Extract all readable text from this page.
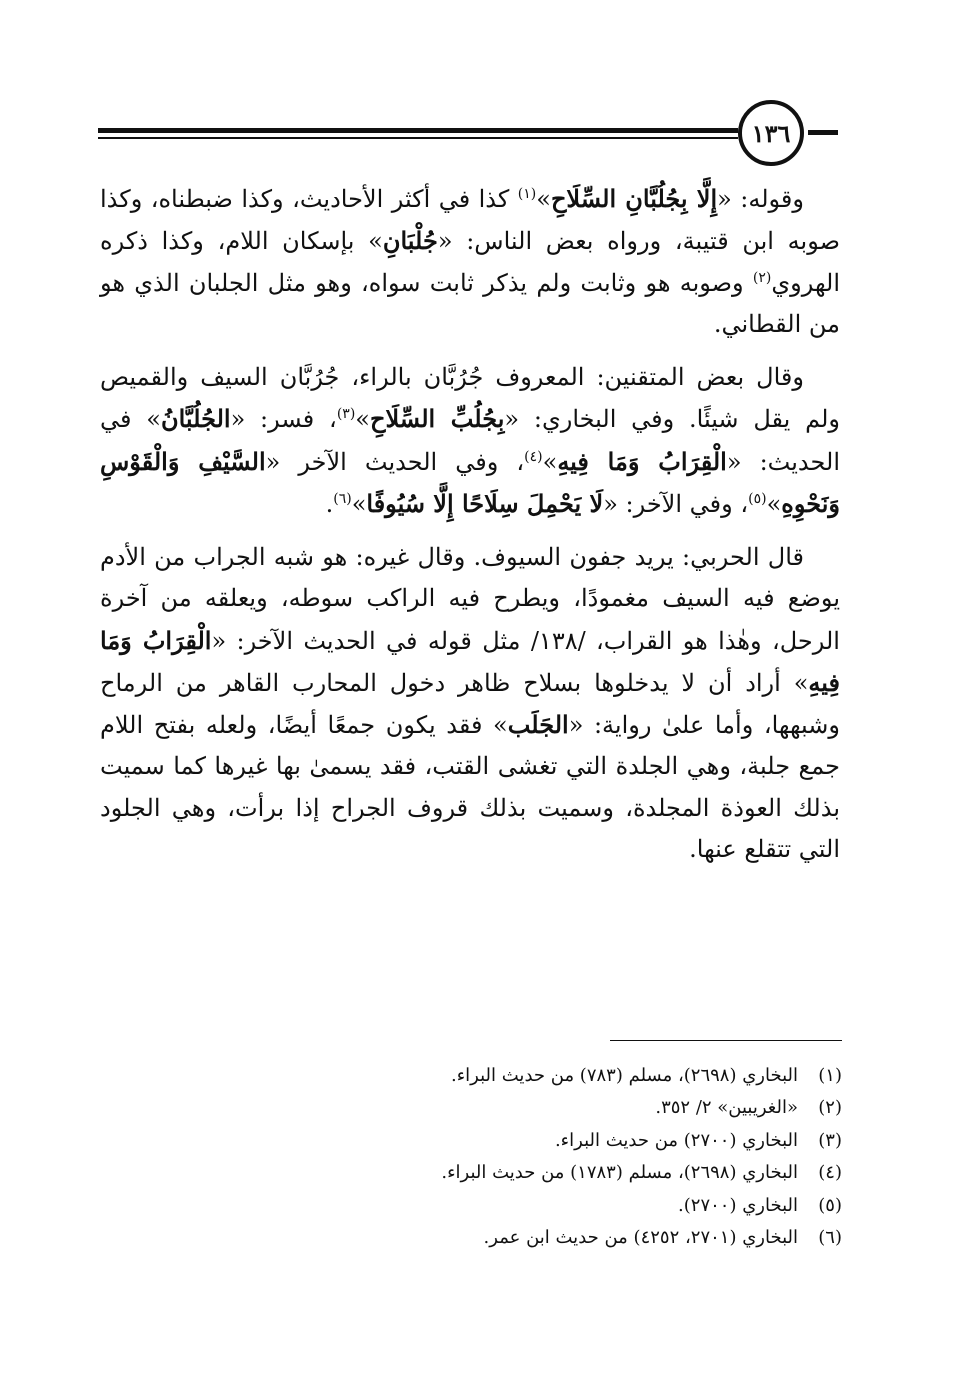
١٣٦

وقوله: «إِلَّا بِجُلُبَّانِ السِّلَاحِ»$^{(١)}$ كذا في أكثر الأحاديث، وكذا ضبطناه، وكذا صوبه ابن قتيبة، ورواه بعض الناس: «جُلْبَانِ» بإسكان اللام، وكذا ذكره الهروي$^{(٢)}$ وصوبه هو وثابت ولم يذكر ثابت سواه، وهو مثل الجلبان الذي هو من القطاني.

وقال بعض المتقنين: المعروف جُرُبَّان بالراء، جُرُبَّان السيف والقميص ولم يقل شيئًا. وفي البخاري: «بِجُلُبِّ السِّلَاحِ»$^{(٣)}$، فسر: «الجُلُبَّانُ» في الحديث: «الْقِرَابُ وَمَا فِيهِ»$^{(٤)}$، وفي الحديث الآخر «السَّيْفِ وَالْقَوْسِ وَنَحْوِهِ»$^{(٥)}$، وفي الآخر: «لَا يَحْمِلَ سِلَاحًا إِلَّا سُيُوفًا»$^{(٦)}$.

قال الحربي: يريد جفون السيوف. وقال غيره: هو شبه الجراب من الأدم يوضع فيه السيف مغمودًا، ويطرح فيه الراكب سوطه، ويعلقه من آخرة الرحل، وهٰذا هو القراب، /١٣٨/ مثل قوله في الحديث الآخر: «الْقِرَابُ وَمَا فِيهِ» أراد أن لا يدخلوها بسلاح ظاهر دخول المحارب القاهر من الرماح وشبهها، وأما علىٰ رواية: «الجَلَب» فقد يكون جمعًا أيضًا، ولعله بفتح اللام جمع جلبة، وهي الجلدة التي تغشى القتب، فقد يسمىٰ بها غيرها كما سميت بذلك العوذة المجلدة، وسميت بذلك قروف الجراح إذا برأت، وهي الجلود التي تتقلع عنها.

(١)البخاري (٢٦٩٨)، مسلم (٧٨٣) من حديث البراء.

(٢)«الغريبين» ٢/ ٣٥٢.

(٣)البخاري (٢٧٠٠) من حديث البراء.

(٤)البخاري (٢٦٩٨)، مسلم (١٧٨٣) من حديث البراء.

(٥)البخاري (٢٧٠٠).

(٦)البخاري (٢٧٠١، ٤٢٥٢) من حديث ابن عمر.
